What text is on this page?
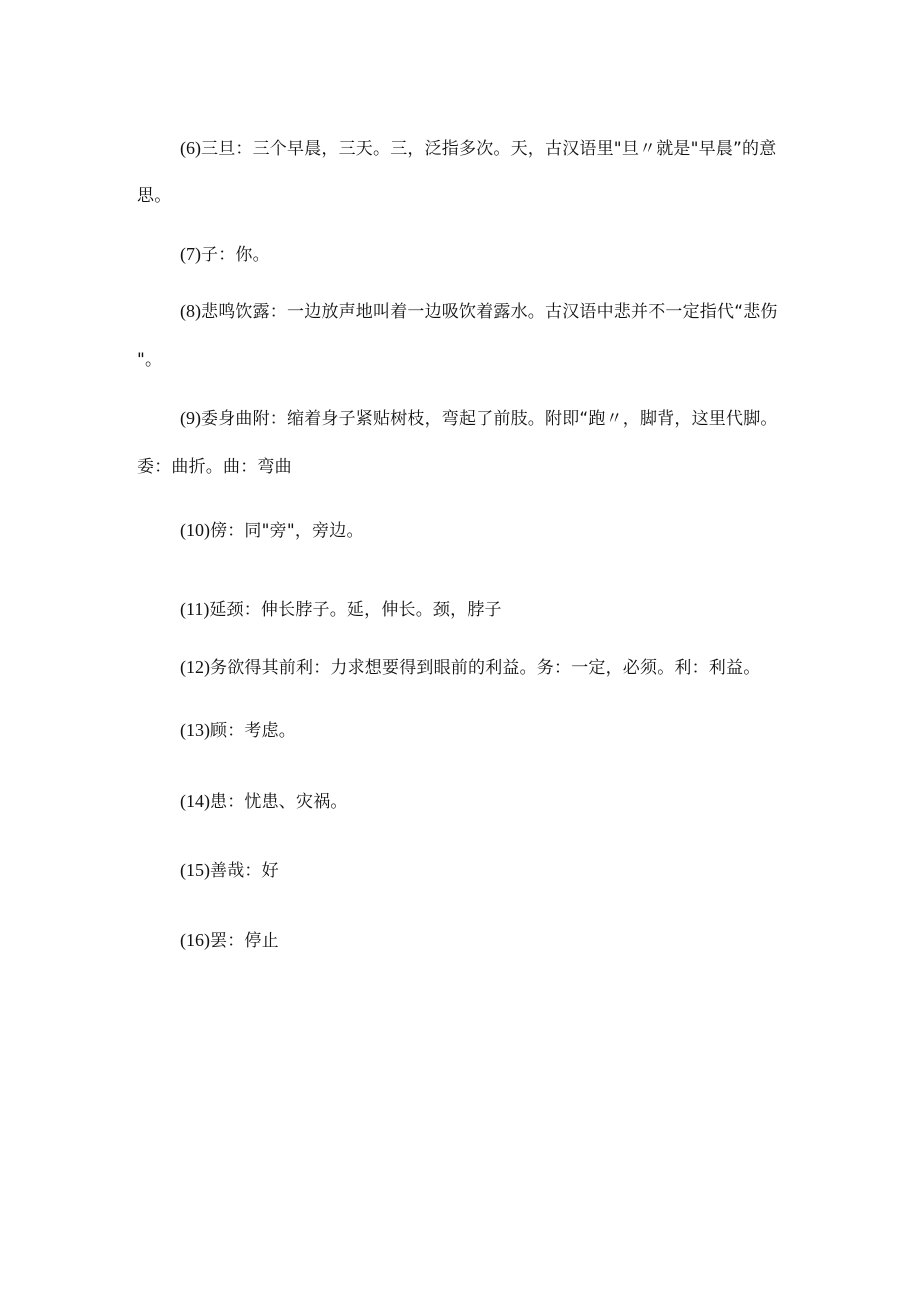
(6)三旦：三个早晨，三天。三，泛指多次。天，古汉语里"旦〃就是"早晨”的意
思。
(7)子：你。
(8)悲鸣饮露：一边放声地叫着一边吸饮着露水。古汉语中悲并不一定指代“悲伤
"。
(9)委身曲附：缩着身子紧贴树枝，弯起了前肢。附即“跑〃，脚背，这里代脚。
委：曲折。曲：弯曲
(10)傍：同"旁"，旁边。
(11)延颈：伸长脖子。延，伸长。颈，脖子
(12)务欲得其前利：力求想要得到眼前的利益。务：一定，必须。利：利益。
(13)顾：考虑。
(14)患：忧患、灾祸。
(15)善哉：好
(16)罢：停止
